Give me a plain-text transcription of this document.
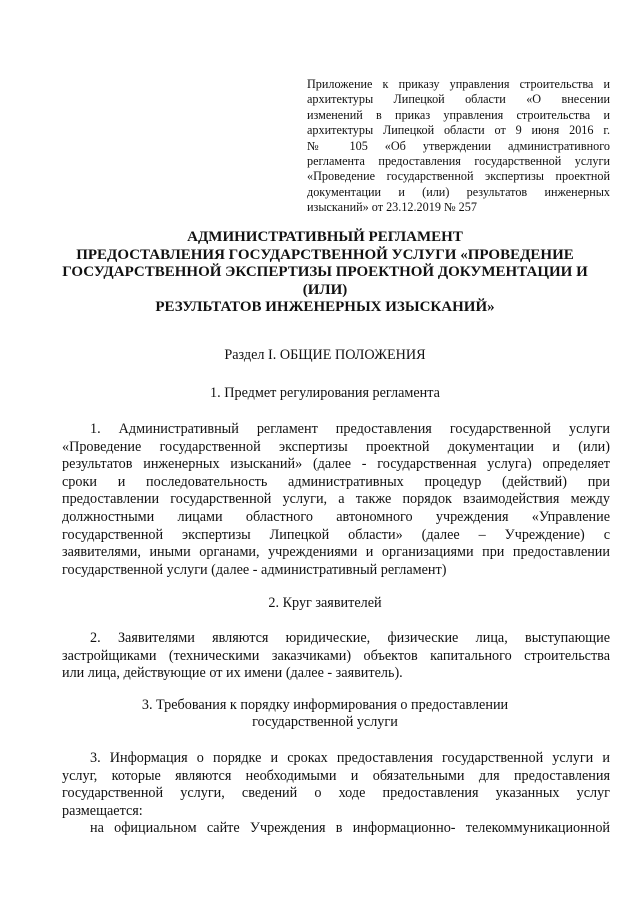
Приложение к приказу управления строительства и
архитектуры Липецкой области «О внесении
изменений в приказ управления строительства и
архитектуры Липецкой области от 9 июня 2016 г.
№ 105 «Об утверждении административного
регламента предоставления государственной услуги
«Проведение государственной экспертизы проектной
документации и (или) результатов инженерных
изысканий» от 23.12.2019 № 257
АДМИНИСТРАТИВНЫЙ РЕГЛАМЕНТ
ПРЕДОСТАВЛЕНИЯ ГОСУДАРСТВЕННОЙ УСЛУГИ «ПРОВЕДЕНИЕ
ГОСУДАРСТВЕННОЙ ЭКСПЕРТИЗЫ ПРОЕКТНОЙ ДОКУМЕНТАЦИИ И
(ИЛИ)
РЕЗУЛЬТАТОВ ИНЖЕНЕРНЫХ ИЗЫСКАНИЙ»
Раздел I. ОБЩИЕ ПОЛОЖЕНИЯ
1. Предмет регулирования регламента
1. Административный регламент предоставления государственной услуги
«Проведение государственной экспертизы проектной документации и (или)
результатов инженерных изысканий» (далее - государственная услуга) определяет
сроки и последовательность административных процедур (действий) при
предоставлении государственной услуги, а также порядок взаимодействия между
должностными лицами областного автономного учреждения «Управление
государственной экспертизы Липецкой области» (далее – Учреждение) с
заявителями, иными органами, учреждениями и организациями при предоставлении
государственной услуги (далее - административный регламент)
2. Круг заявителей
2. Заявителями являются юридические, физические лица, выступающие
застройщиками (техническими заказчиками) объектов капитального строительства
или лица, действующие от их имени (далее - заявитель).
3. Требования к порядку информирования о предоставлении
государственной услуги
3. Информация о порядке и сроках предоставления государственной услуги и
услуг, которые являются необходимыми и обязательными для предоставления
государственной услуги, сведений о ходе предоставления указанных услуг
размещается:
на официальном сайте Учреждения в информационно- телекоммуникационной
